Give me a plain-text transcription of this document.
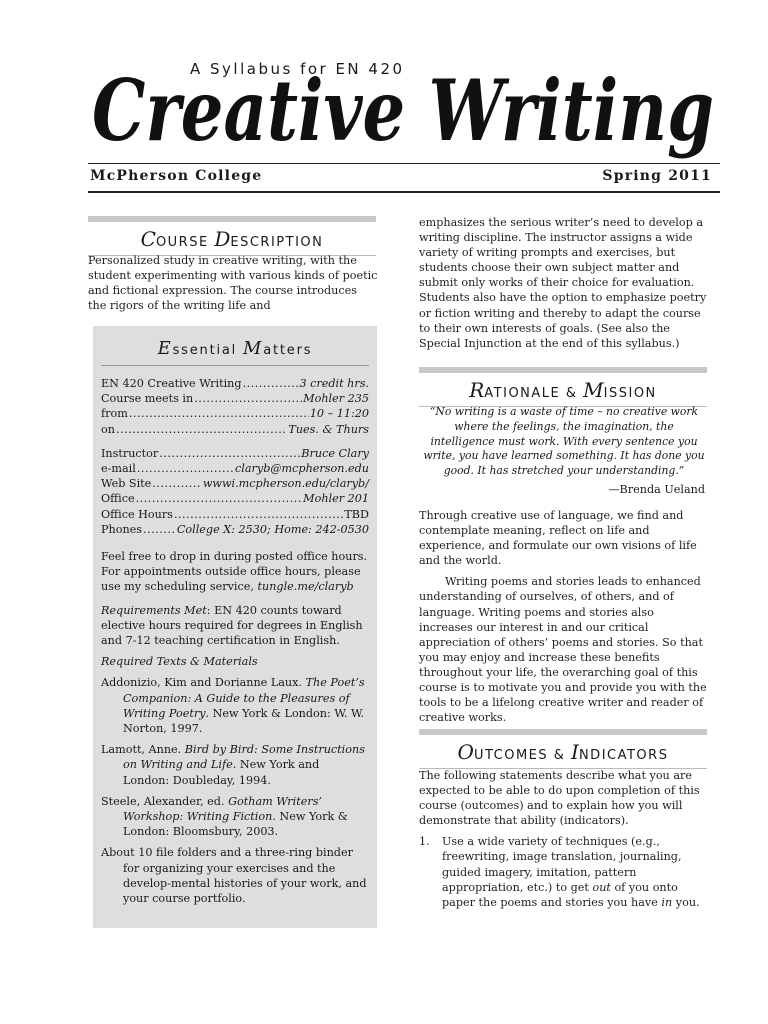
Creative Writing
A Syllabus for EN 420
McPherson College	Spring 2011
COURSE DESCRIPTION

Personalized study in creative writing, with the student experimenting with various kinds of poetic and fictional expression. The course introduces the rigors of the writing life and

Essential Matters
EN 420 Creative Writing .....	3 credit hrs.
Course meets in .....	Mohler 235
from .....	10 – 11:20
on .....	Tues. & Thurs
Instructor .....	Bruce Clary
e-mail .....	claryb@mcpherson.edu
Web Site .....	wwwi.mcpherson.edu/claryb/
Office .....	Mohler 201
Office Hours .....	TBD
Phones .....	College X: 2530; Home: 242-0530
Feel free to drop in during posted office hours. For appointments outside office hours, please use my scheduling service, tungle.me/claryb
Requirements Met: EN 420 counts toward elective hours required for degrees in English and 7-12 teaching certification in English.
Required Texts & Materials
Addonizio, Kim and Dorianne Laux. The Poet’s Companion: A Guide to the Pleasures of Writing Poetry. New York & London: W. W. Norton, 1997.
Lamott, Anne. Bird by Bird: Some Instructions on Writing and Life. New York and London: Doubleday, 1994.
Steele, Alexander, ed. Gotham Writers’ Workshop: Writing Fiction. New York & London: Bloomsbury, 2003.
About 10 file folders and a three-ring binder for organizing your exercises and the develop-mental histories of your work, and your course portfolio.

emphasizes the serious writer’s need to develop a writing discipline. The instructor assigns a wide variety of writing prompts and exercises, but students choose their own subject matter and submit only works of their choice for evaluation. Students also have the option to emphasize poetry or fiction writing and thereby to adapt the course to their own interests of goals. (See also the Special Injunction at the end of this syllabus.)

RATIONALE & MISSION
“No writing is a waste of time – no creative work where the feelings, the imagination, the intelligence must work. With every sentence you write, you have learned something. It has done you good. It has stretched your understanding.”
—Brenda Ueland

Through creative use of language, we find and contemplate meaning, reflect on life and experience, and formulate our own visions of life and the world.

Writing poems and stories leads to enhanced understanding of ourselves, of others, and of language. Writing poems and stories also increases our interest in and our critical appreciation of others’ poems and stories. So that you may enjoy and increase these benefits throughout your life, the overarching goal of this course is to motivate you and provide you with the tools to be a lifelong creative writer and reader of creative works.

OUTCOMES & INDICATORS

The following statements describe what you are expected to be able to do upon completion of this course (outcomes) and to explain how you will demonstrate that ability (indicators).

1.	Use a wide variety of techniques (e.g., freewriting, image translation, journaling, guided imagery, imitation, pattern appropriation, etc.) to get out of you onto paper the poems and stories you have in you.
